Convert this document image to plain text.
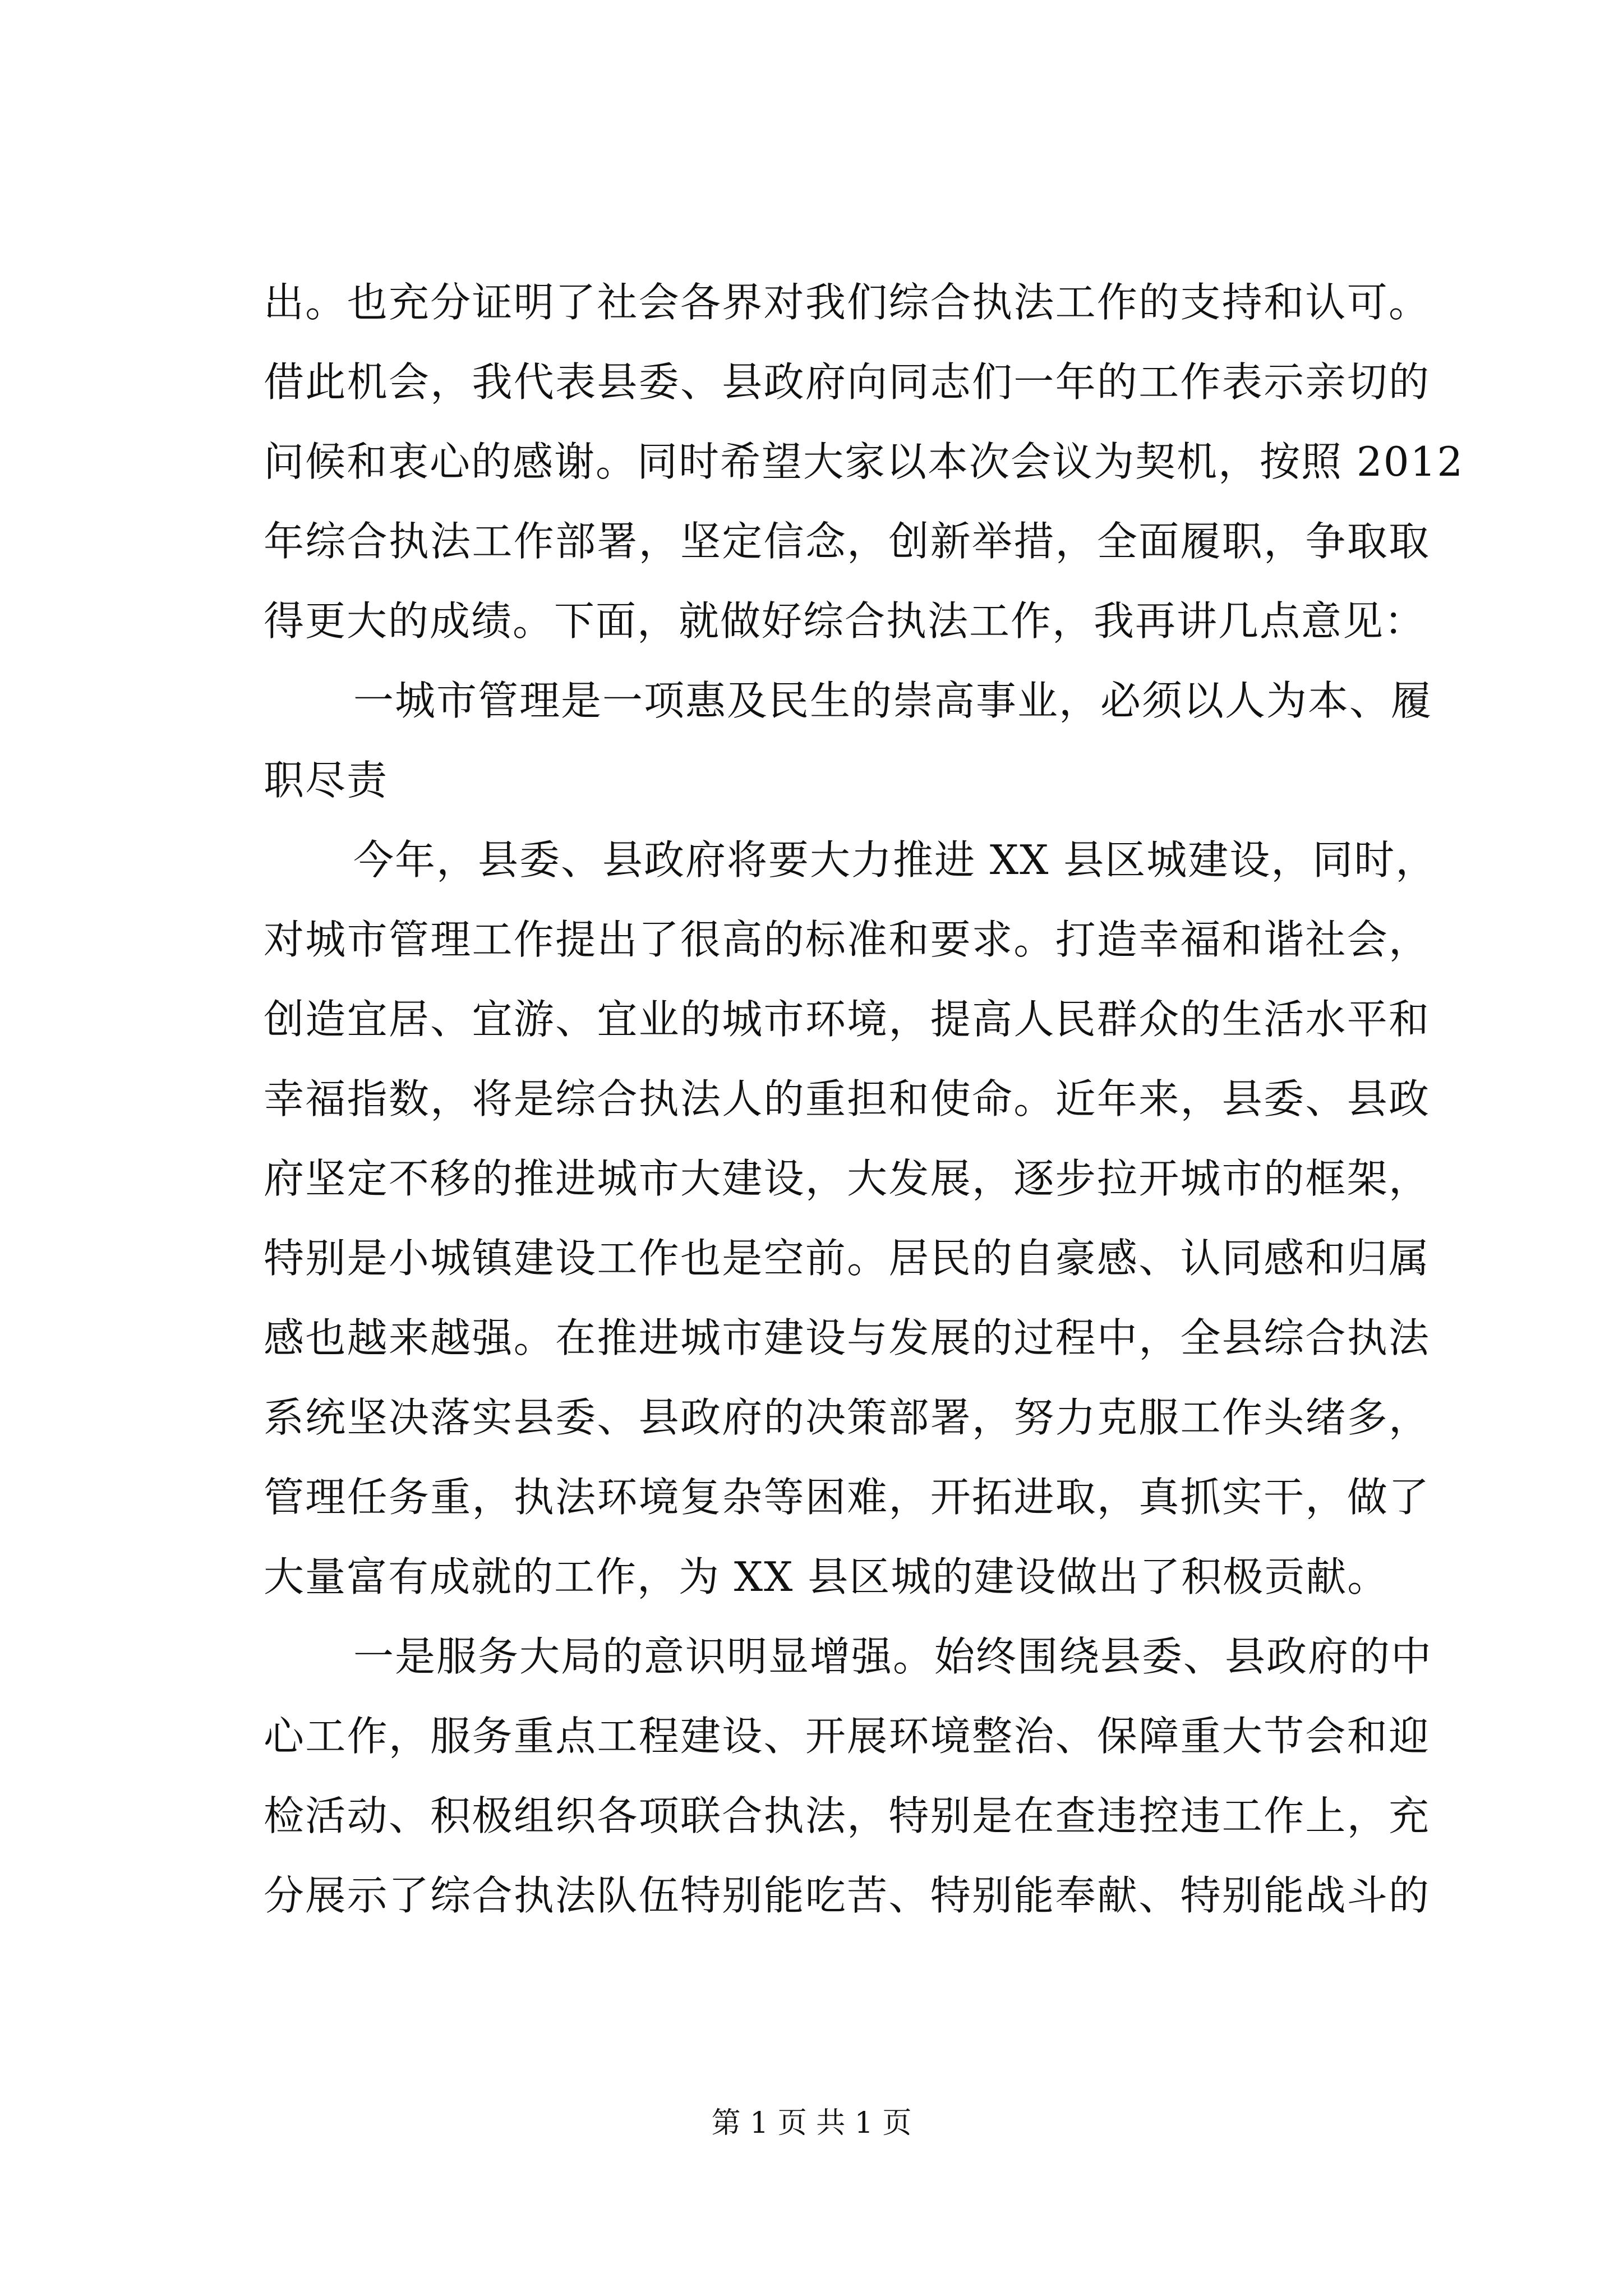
出。也充分证明了社会各界对我们综合执法工作的支持和认可。
借此机会，我代表县委、县政府向同志们一年的工作表示亲切的
问候和衷心的感谢。同时希望大家以本次会议为契机，按照 2012
年综合执法工作部署，坚定信念，创新举措，全面履职，争取取
得更大的成绩。下面，就做好综合执法工作，我再讲几点意见：
一城市管理是一项惠及民生的崇高事业，必须以人为本、履
职尽责
今年，县委、县政府将要大力推进 XX 县区城建设，同时，
对城市管理工作提出了很高的标准和要求。打造幸福和谐社会，
创造宜居、宜游、宜业的城市环境，提高人民群众的生活水平和
幸福指数，将是综合执法人的重担和使命。近年来，县委、县政
府坚定不移的推进城市大建设，大发展，逐步拉开城市的框架，
特别是小城镇建设工作也是空前。居民的自豪感、认同感和归属
感也越来越强。在推进城市建设与发展的过程中，全县综合执法
系统坚决落实县委、县政府的决策部署，努力克服工作头绪多，
管理任务重，执法环境复杂等困难，开拓进取，真抓实干，做了
大量富有成就的工作，为 XX 县区城的建设做出了积极贡献。
一是服务大局的意识明显增强。始终围绕县委、县政府的中
心工作，服务重点工程建设、开展环境整治、保障重大节会和迎
检活动、积极组织各项联合执法，特别是在查违控违工作上，充
分展示了综合执法队伍特别能吃苦、特别能奉献、特别能战斗的
第 1 页 共 1 页
